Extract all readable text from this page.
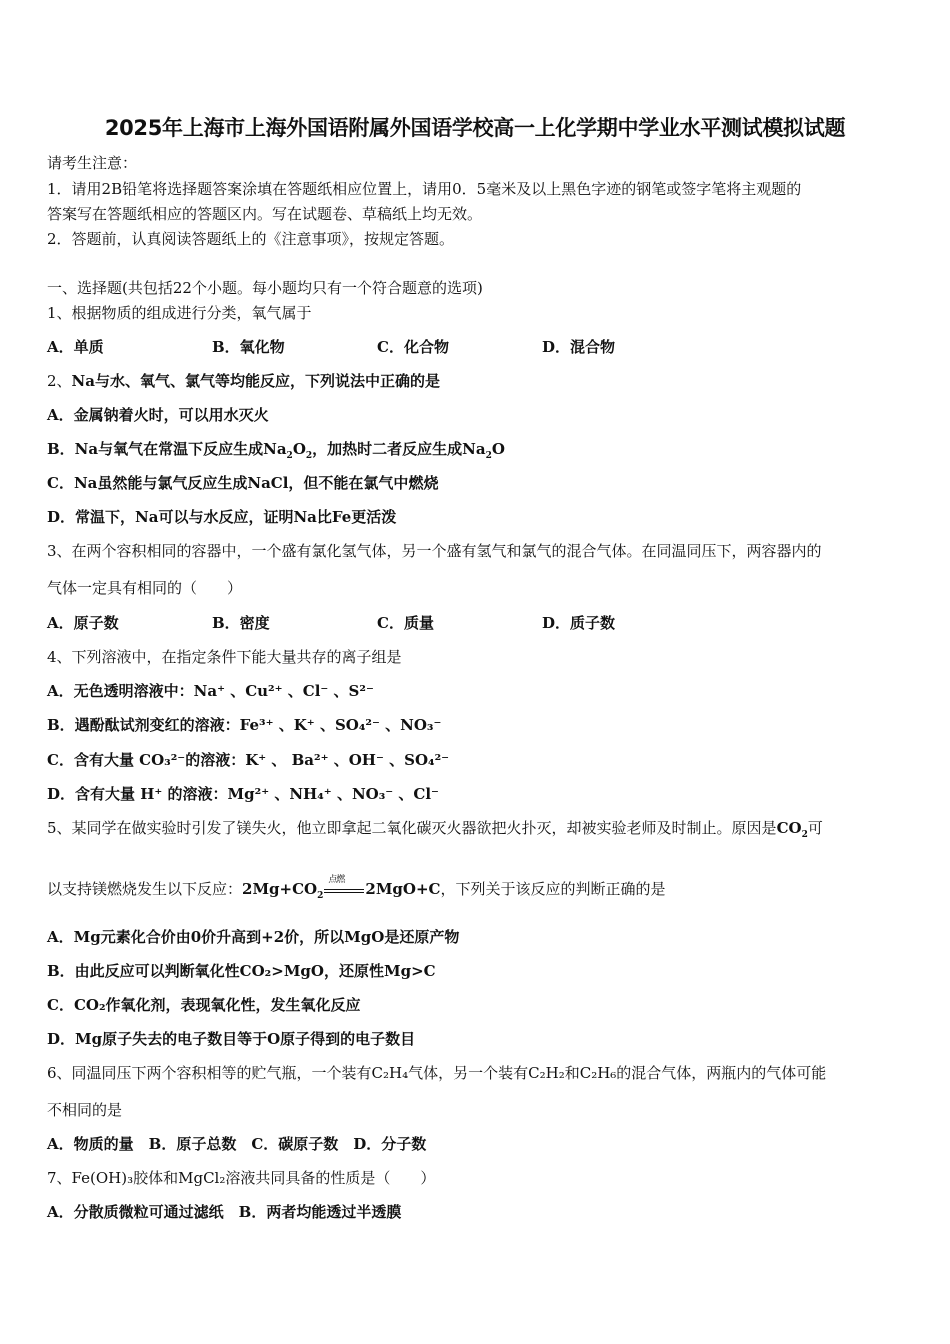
2025年上海市上海外国语附属外国语学校高一上化学期中学业水平测试模拟试题
请考生注意：
1．请用2B铅笔将选择题答案涂填在答题纸相应位置上，请用0．5毫米及以上黑色字迹的钢笔或签字笔将主观题的
答案写在答题纸相应的答题区内。写在试题卷、草稿纸上均无效。
2．答题前，认真阅读答题纸上的《注意事项》，按规定答题。
一、选择题(共包括22个小题。每小题均只有一个符合题意的选项)
1、根据物质的组成进行分类，氧气属于
A．单质	B．氧化物	C．化合物	D．混合物
2、Na与水、氧气、氯气等均能反应，下列说法中正确的是
A．金属钠着火时，可以用水灭火
B．Na与氧气在常温下反应生成$Na_2O_2$，加热时二者反应生成$Na_2O$
C．Na虽然能与氯气反应生成NaCl，但不能在氯气中燃烧
D．常温下，Na可以与水反应，证明Na比Fe更活泼
3、在两个容积相同的容器中，一个盛有氯化氢气体，另一个盛有氢气和氯气的混合气体。在同温同压下，两容器内的
气体一定具有相同的（　　）
A．原子数	B．密度	C．质量	D．质子数
4、下列溶液中，在指定条件下能大量共存的离子组是
A．无色透明溶液中：Na⁺ 、Cu²⁺ 、Cl⁻ 、S²⁻
B．遇酚酞试剂变红的溶液：Fe³⁺ 、K⁺ 、SO₄²⁻ 、NO₃⁻
C．含有大量 CO₃²⁻的溶液：K⁺ 、 Ba²⁺ 、OH⁻ 、SO₄²⁻
D．含有大量 H⁺ 的溶液：Mg²⁺ 、NH₄⁺ 、NO₃⁻ 、Cl⁻
5、某同学在做实验时引发了镁失火，他立即拿起二氧化碳灭火器欲把火扑灭，却被实验老师及时制止。原因是$CO_2$可
以支持镁燃烧发生以下反应：$2Mg+CO_2$
点燃 2MgO+C，下列关于该反应的判断正确的是
A．Mg元素化合价由0价升高到+2价，所以MgO是还原产物
B．由此反应可以判断氧化性CO₂>MgO，还原性Mg>C
C．CO₂作氧化剂，表现氧化性，发生氧化反应
D．Mg原子失去的电子数目等于O原子得到的电子数目
6、同温同压下两个容积相等的贮气瓶，一个装有C₂H₄气体，另一个装有C₂H₂和C₂H₆的混合气体，两瓶内的气体可能
不相同的是
A．物质的量　B．原子总数　C．碳原子数　D．分子数
7、Fe(OH)₃胶体和MgCl₂溶液共同具备的性质是（　　）
A．分散质微粒可通过滤纸　B．两者均能透过半透膜
